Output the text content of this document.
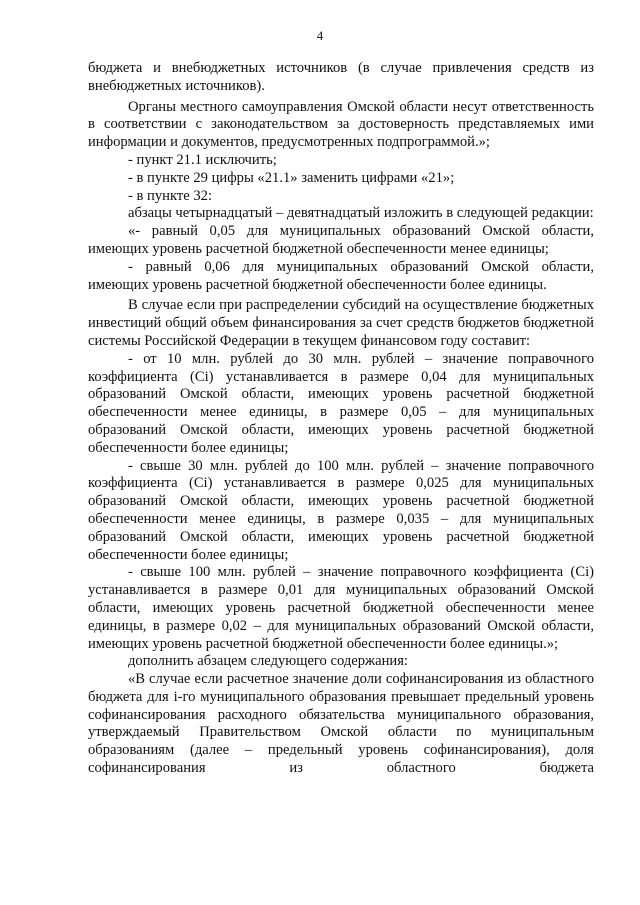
4

бюджета и внебюджетных источников (в случае привлечения средств из внебюджетных источников).

Органы местного самоуправления Омской области несут ответственность в соответствии с законодательством за достоверность представляемых ими информации и документов, предусмотренных подпрограммой.»;

- пункт 21.1 исключить;

- в пункте 29 цифры «21.1» заменить цифрами «21»;

- в пункте 32:

абзацы четырнадцатый – девятнадцатый изложить в следующей редакции:

«- равный 0,05 для муниципальных образований Омской области, имеющих уровень расчетной бюджетной обеспеченности менее единицы;

- равный 0,06 для муниципальных образований Омской области, имеющих уровень расчетной бюджетной обеспеченности более единицы.

В случае если при распределении субсидий на осуществление бюджетных инвестиций общий объем финансирования за счет средств бюджетов бюджетной системы Российской Федерации в текущем финансовом году составит:

- от 10 млн. рублей до 30 млн. рублей – значение поправочного коэффициента (Ci) устанавливается в размере 0,04 для муниципальных образований Омской области, имеющих уровень расчетной бюджетной обеспеченности менее единицы, в размере 0,05 – для муниципальных образований Омской области, имеющих уровень расчетной бюджетной обеспеченности более единицы;

- свыше 30 млн. рублей до 100 млн. рублей – значение поправочного коэффициента (Ci) устанавливается в размере 0,025 для муниципальных образований Омской области, имеющих уровень расчетной бюджетной обеспеченности менее единицы, в размере 0,035 – для муниципальных образований Омской области, имеющих уровень расчетной бюджетной обеспеченности более единицы;

- свыше 100 млн. рублей – значение поправочного коэффициента (Ci) устанавливается в размере 0,01 для муниципальных образований Омской области, имеющих уровень расчетной бюджетной обеспеченности менее единицы, в размере 0,02 – для муниципальных образований Омской области, имеющих уровень расчетной бюджетной обеспеченности более единицы.»;

дополнить абзацем следующего содержания:

«В случае если расчетное значение доли софинансирования из областного бюджета для i-го муниципального образования превышает предельный уровень софинансирования расходного обязательства муниципального образования, утверждаемый Правительством Омской области по муниципальным образованиям (далее – предельный уровень софинансирования), доля софинансирования из областного бюджета
